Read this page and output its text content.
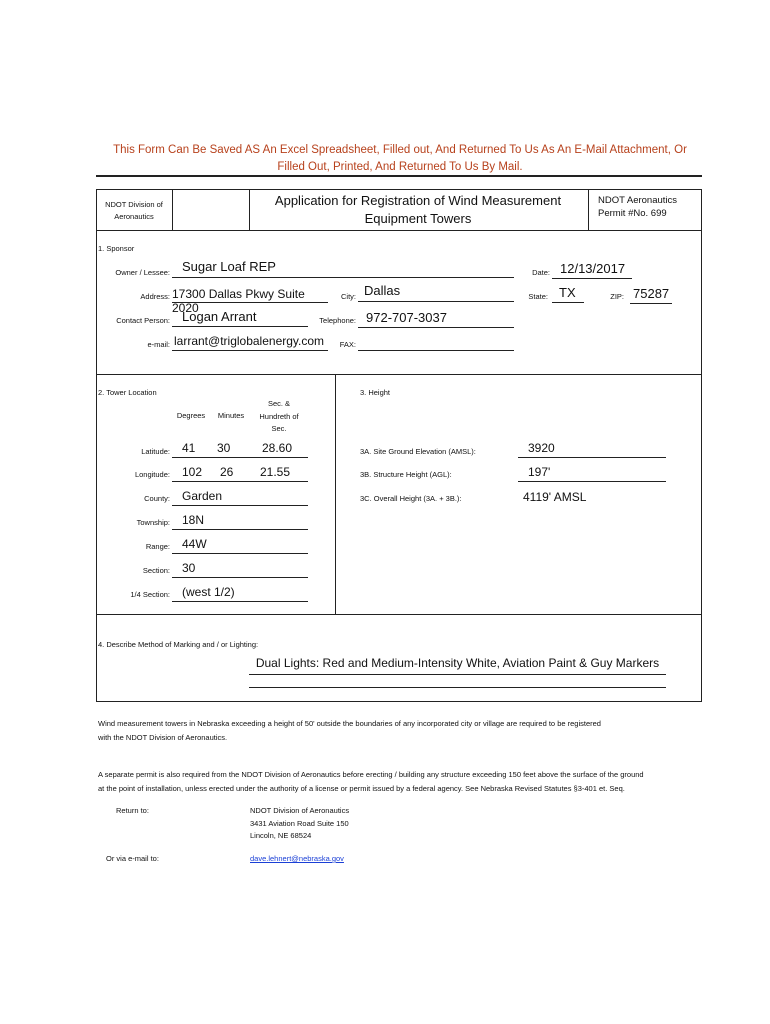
This Form Can Be Saved AS An Excel Spreadsheet, Filled out, And Returned To Us As An E-Mail Attachment, Or
Filled Out, Printed, And Returned To Us By Mail.
NDOT Division of Aeronautics
Application for Registration of Wind Measurement Equipment Towers
NDOT Aeronautics
Permit #No. 699
1. Sponsor
Owner / Lessee: Sugar Loaf REP	Date: 12/13/2017
Address: 17300 Dallas Pkwy Suite 2020
City: Dallas	State: TX	ZIP: 75287
Contact Person: Logan Arrant	Telephone: 972-707-3037
e-mail: larrant@triglobalenergy.com	FAX:
2. Tower Location
Degrees	Minutes
Sec. &
Hundreth of
Sec.
Latitude: 41 30	28.60
Longitude: 102 26 21.55
County:	Garden
Township:	18N
Range:	44W
Section:	30
1/4 Section:	(west 1/2)
3. Height
3A. Site Ground Elevation (AMSL):	3920
3B. Structure Height (AGL):	197'
3C. Overall Height (3A. + 3B.):	4119' AMSL
4. Describe Method of Marking and / or Lighting:
Dual Lights: Red and Medium-Intensity White, Aviation Paint & Guy Markers
Wind measurement towers in Nebraska exceeding a height of 50' outside the boundaries of any incorporated city or village are required to be registered
with the NDOT Division of Aeronautics.
A separate permit is also required from the NDOT Division of Aeronautics before erecting / building any structure exceeding 150 feet above the surface of the ground
at the point of installation, unless erected under the authority of a license or permit issued by a federal agency. See Nebraska Revised Statutes §3-401 et. Seq.
Return to:	NDOT Division of Aeronautics
3431 Aviation Road Suite 150
Lincoln, NE 68524
Or via e-mail to:	dave.lehnert@nebraska.gov
